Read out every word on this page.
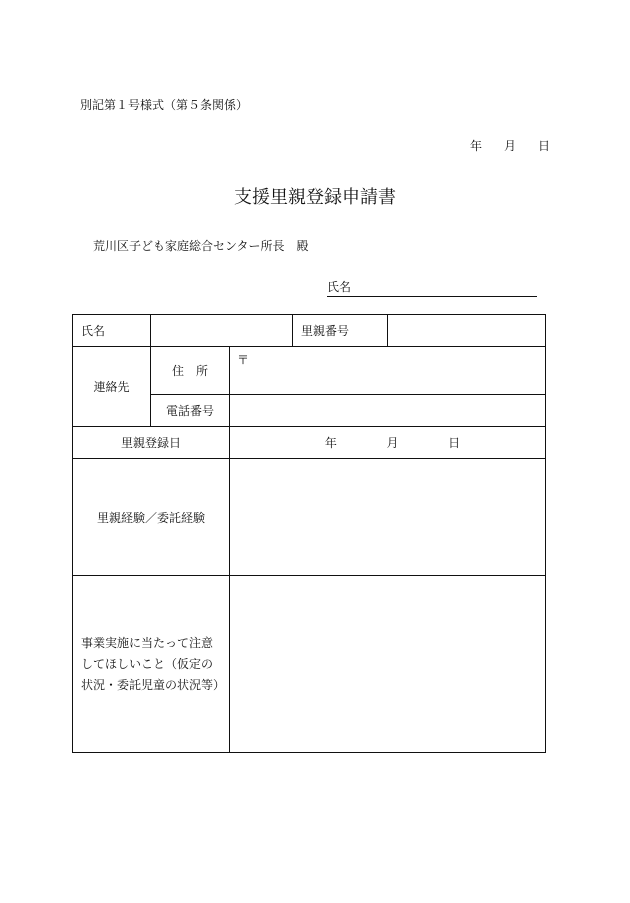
別記第１号様式（第５条関係）
年 月 日
支援里親登録申請書
荒川区子ども家庭総合センター所長　殿
氏名
氏名			里親番号	
連絡先	住　所	〒		
	電話番号			
里親登録日		年 月 日		

里親経験／委託経験				
事業実施に当たって注意してほしいこと（仮定の状況・委託児童の状況等）				
